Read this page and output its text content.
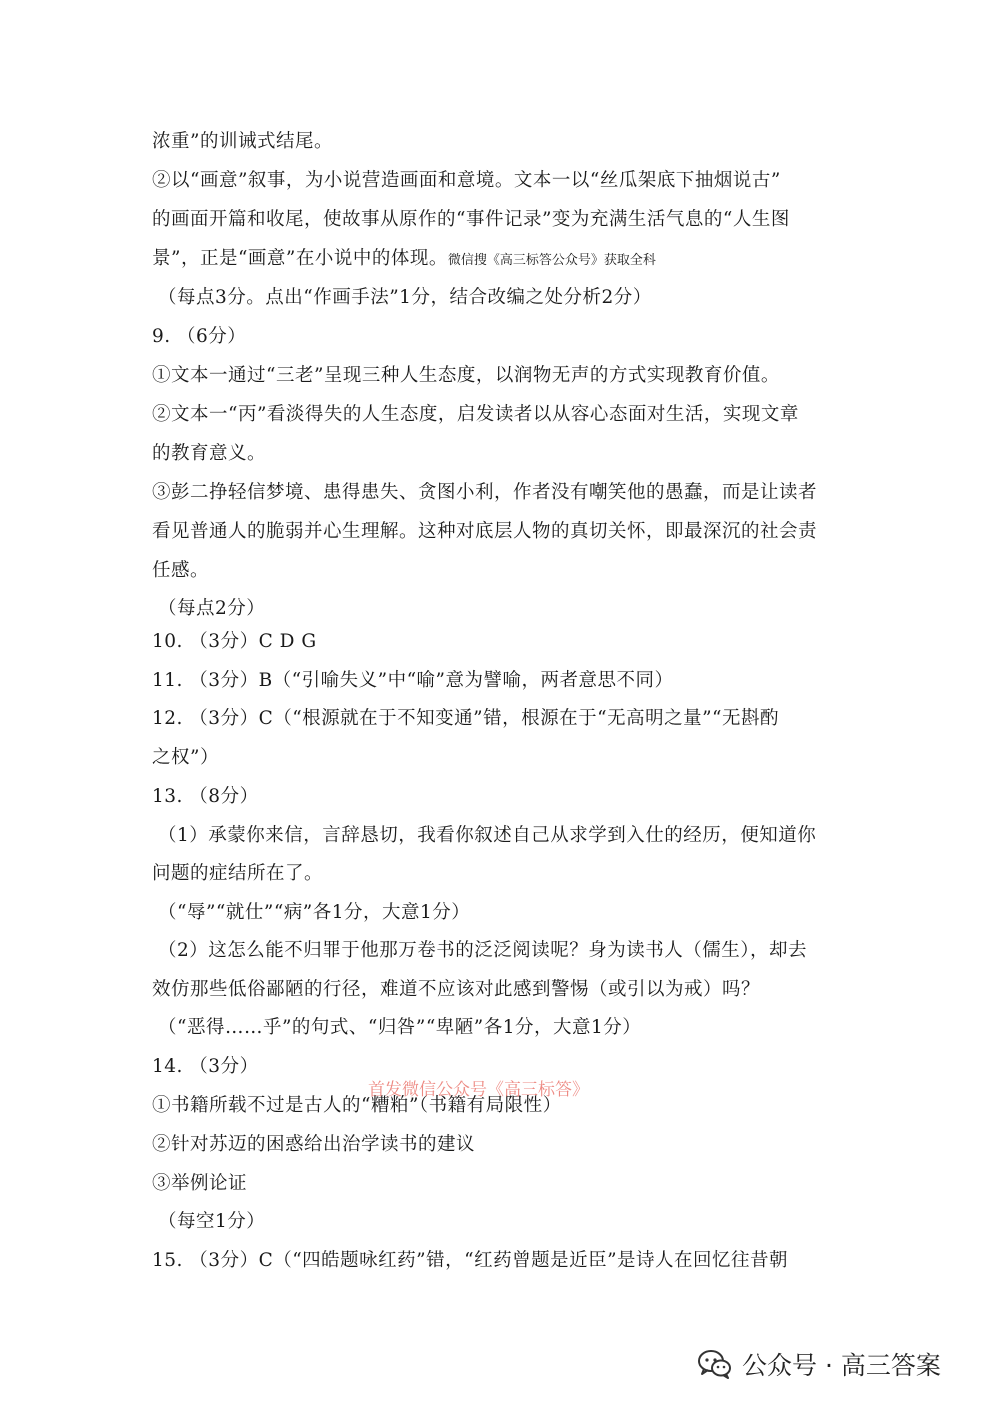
浓重”的训诫式结尾。
②以“画意”叙事，为小说营造画面和意境。文本一以“丝瓜架底下抽烟说古”
的画面开篇和收尾，使故事从原作的“事件记录”变为充满生活气息的“人生图
景”，正是“画意”在小说中的体现。微信搜《高三标答公众号》获取全科
（每点3分。点出“作画手法”1分，结合改编之处分析2分）
9. （6分）
①文本一通过“三老”呈现三种人生态度，以润物无声的方式实现教育价值。
②文本一“丙”看淡得失的人生态度，启发读者以从容心态面对生活，实现文章
的教育意义。
③彭二挣轻信梦境、患得患失、贪图小利，作者没有嘲笑他的愚蠢，而是让读者
看见普通人的脆弱并心生理解。这种对底层人物的真切关怀，即最深沉的社会责
任感。
（每点2分）
10. （3分）C D G
11. （3分）B（“引喻失义”中“喻”意为譬喻，两者意思不同）
12. （3分）C（“根源就在于不知变通”错，根源在于“无高明之量”“无斟酌
之权”）
13. （8分）
（1）承蒙你来信，言辞恳切，我看你叙述自己从求学到入仕的经历，便知道你
问题的症结所在了。
（“辱”“就仕”“病”各1分，大意1分）
（2）这怎么能不归罪于他那万卷书的泛泛阅读呢？身为读书人（儒生），却去
效仿那些低俗鄙陋的行径，难道不应该对此感到警惕（或引以为戒）吗？
（“恶得……乎”的句式、“归咎”“卑陋”各1分，大意1分）
14. （3分）
①书籍所载不过是古人的“糟粕”（书籍有局限性）
②针对苏迈的困惑给出治学读书的建议
③举例论证
（每空1分）
15. （3分）C（“四皓题咏红药”错，“红药曾题是近臣”是诗人在回忆往昔朝
首发微信公众号《高三标答》
公众号 · 高三答案
